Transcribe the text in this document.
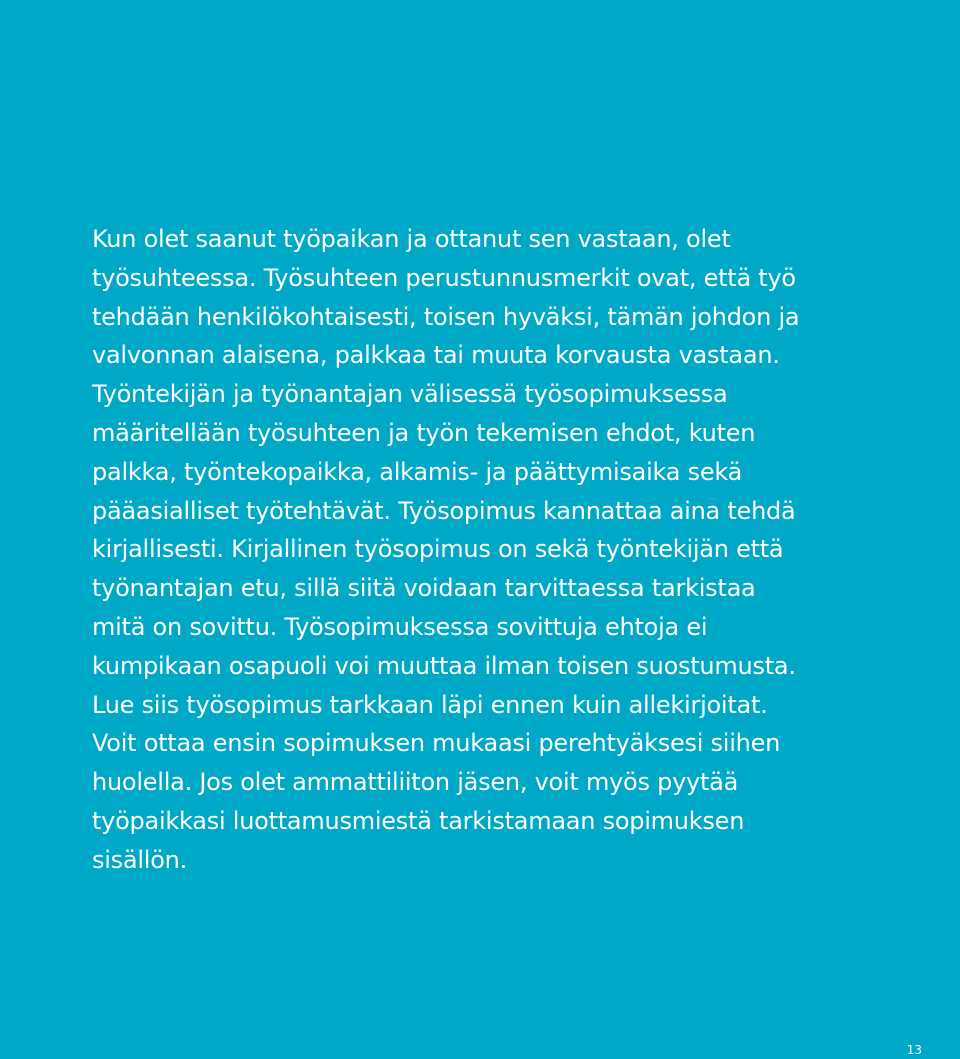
Kun olet saanut työpaikan ja ottanut sen vastaan, olet
työsuhteessa. Työsuhteen perustunnusmerkit ovat, että työ
tehdään henkilökohtaisesti, toisen hyväksi, tämän johdon ja
valvonnan alaisena, palkkaa tai muuta korvausta vastaan.
Työntekijän ja työnantajan välisessä työsopimuksessa
määritellään työsuhteen ja työn tekemisen ehdot, kuten
palkka, työntekopaikka, alkamis- ja päättymisaika sekä
pääasialliset työtehtävät. Työsopimus kannattaa aina tehdä
kirjallisesti. Kirjallinen työsopimus on sekä työntekijän että
työnantajan etu, sillä siitä voidaan tarvittaessa tarkistaa
mitä on sovittu. Työsopimuksessa sovittuja ehtoja ei
kumpikaan osapuoli voi muuttaa ilman toisen suostumusta.
Lue siis työsopimus tarkkaan läpi ennen kuin allekirjoitat.
Voit ottaa ensin sopimuksen mukaasi perehtyäksesi siihen
huolella. Jos olet ammattiliiton jäsen, voit myös pyytää
työpaikkasi luottamusmiestä tarkistamaan sopimuksen
sisällön.

13
